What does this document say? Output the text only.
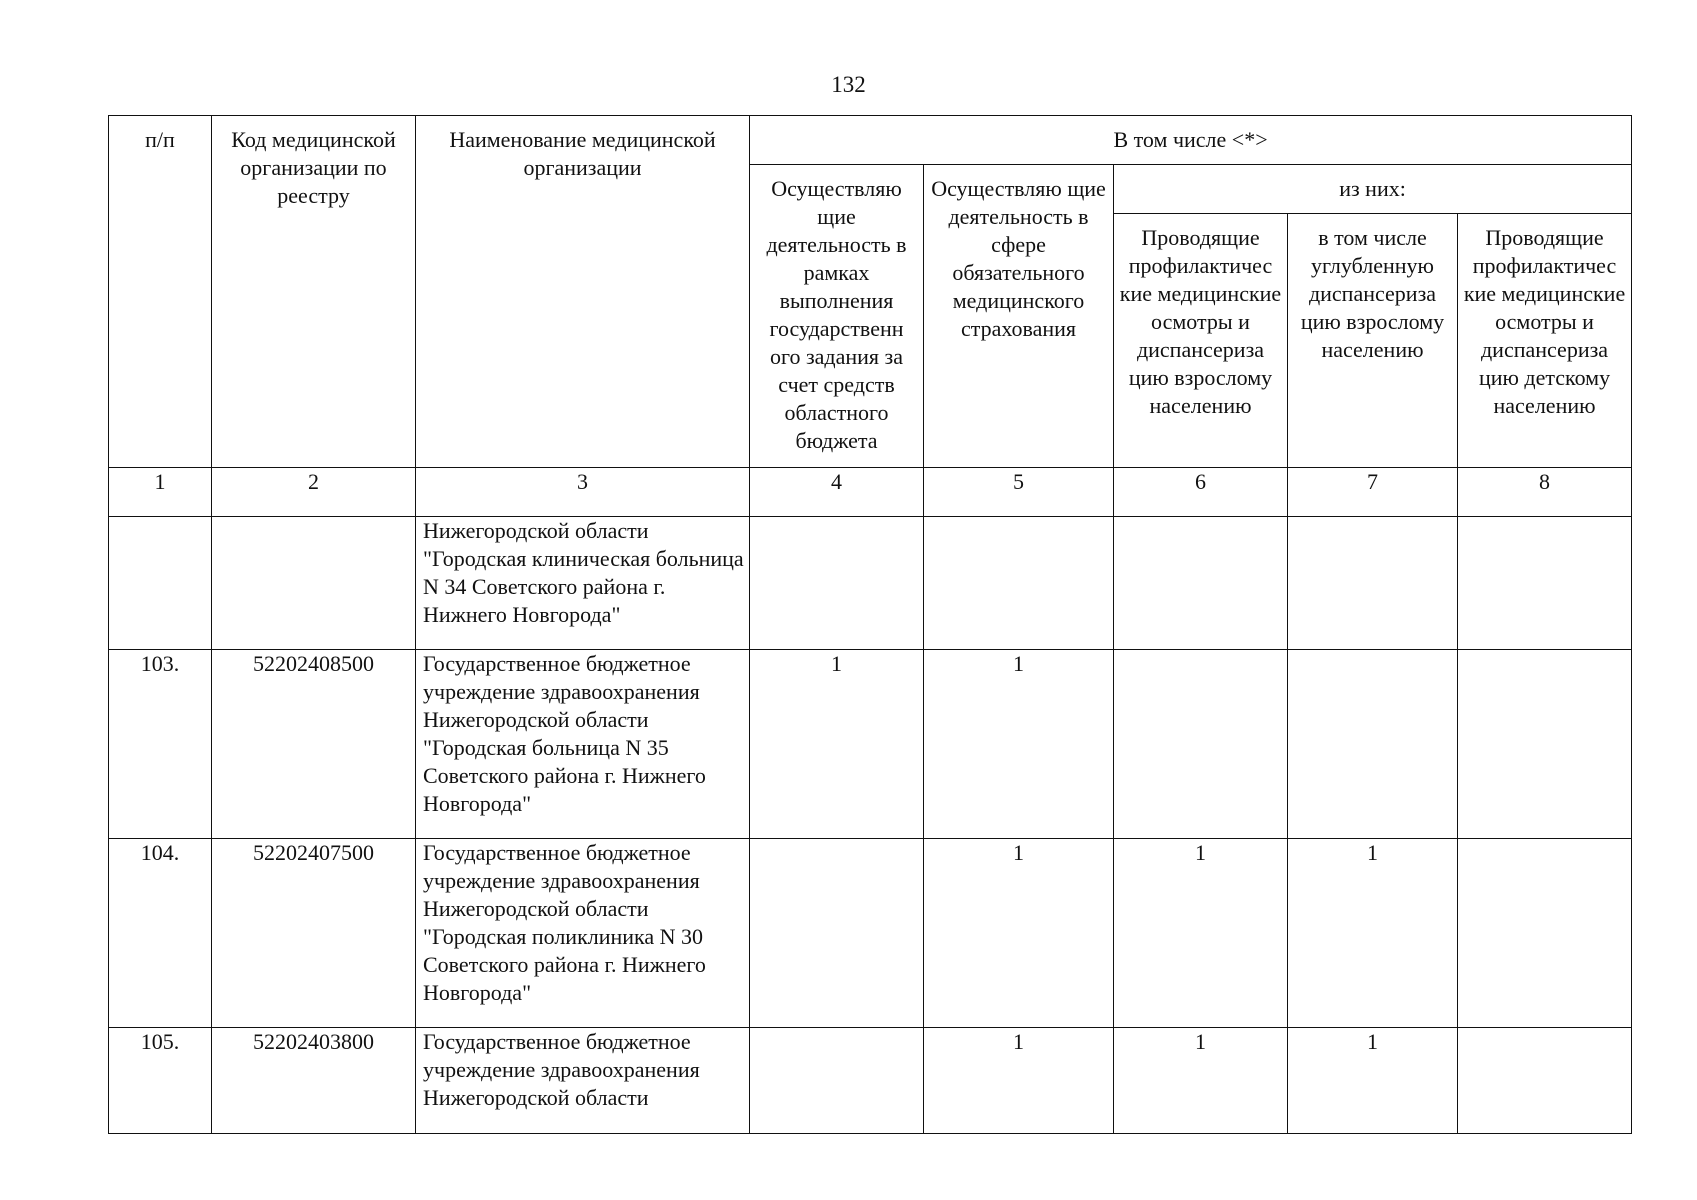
132
п/п	Код медицинской организации по реестру	Наименование медицинской организации	В том числе <*>				
			Осуществляю щие деятельность в рамках выполнения государственн ого задания за счет средств областного бюджета	Осуществляю щие деятельность в сфере обязательного медицинского страхования	из них:		
					Проводящие профилактичес кие медицинские осмотры и диспансериза цию взрослому населению	в том числе углубленную диспансериза цию взрослому населению	Проводящие профилактичес кие медицинские осмотры и диспансериза цию детскому населению
1	2	3	4	5	6	7	8
		Нижегородской области "Городская клиническая больница N 34 Советского района г. Нижнего Новгорода"					
103.	52202408500	Государственное бюджетное учреждение здравоохранения Нижегородской области "Городская больница N 35 Советского района г. Нижнего Новгорода"	1	1			
104.	52202407500	Государственное бюджетное учреждение здравоохранения Нижегородской области "Городская поликлиника N 30 Советского района г. Нижнего Новгорода"		1	1	1	
105.	52202403800	Государственное бюджетное учреждение здравоохранения Нижегородской области		1	1	1	
